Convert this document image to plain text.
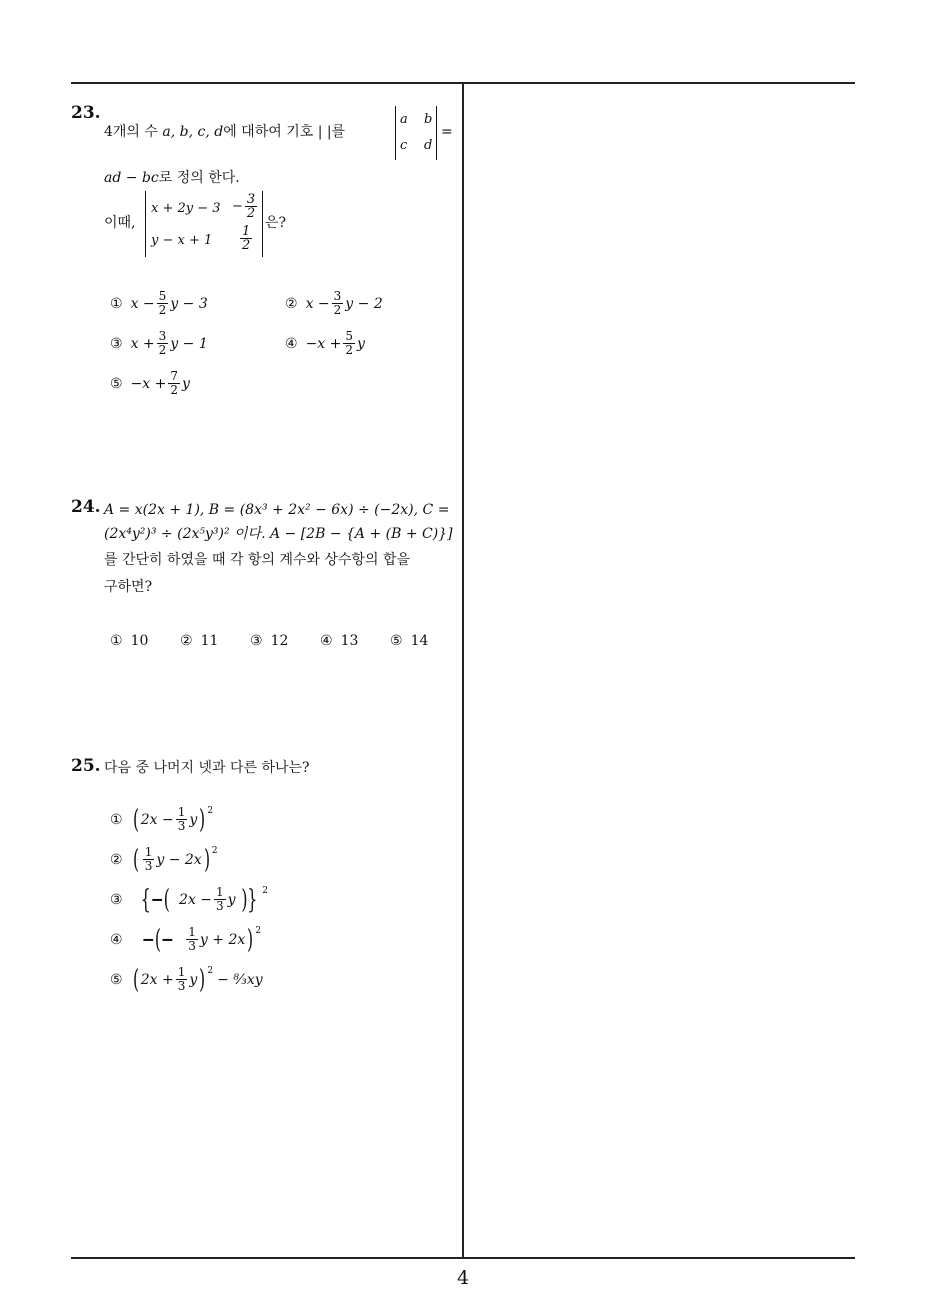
23.
4개의 수 a, b, c, d에 대하여 기호 | |를
a b
c d
=
ad − bc로 정의 한다.
이때,
$x + 2y - 3 - \frac{3}{2}$
$y - x + 1 \frac{1}{2}$
은?
① $x - \frac{5}{2}$ y − 3	② $x - \frac{3}{2}$ y − 2
③ $x + \frac{3}{2}$ y − 1	④ $-x + \frac{5}{2}$ y
⑤ $-x + \frac{7}{2}$ y
24. A = x(2x + 1), B = (8x³ + 2x² − 6x) ÷ (−2x), C =
(2x⁴y²)³ ÷ (2x⁵y³)² 이다. A − [2B − {A + (B + C)}]
를 간단히 하였을 때 각 항의 계수와 상수항의 합을
구하면?
① 10 ② 11 ③ 12 ④ 13 ⑤ 14
25. 다음 중 나머지 넷과 다른 하나는?
① ( $2x - \frac{1}{3}$ y )$^2$
② ( $\frac{1}{3}$ y − 2x )$^2$
③ {−( $2x - \frac{1}{3}$ y )} $^2$
④ −(− $\frac{1}{3}$ y + 2x )$^2$
⑤ ( $2x + \frac{1}{3}$ y )$^2$
− ⁸⁄₃xy
4
